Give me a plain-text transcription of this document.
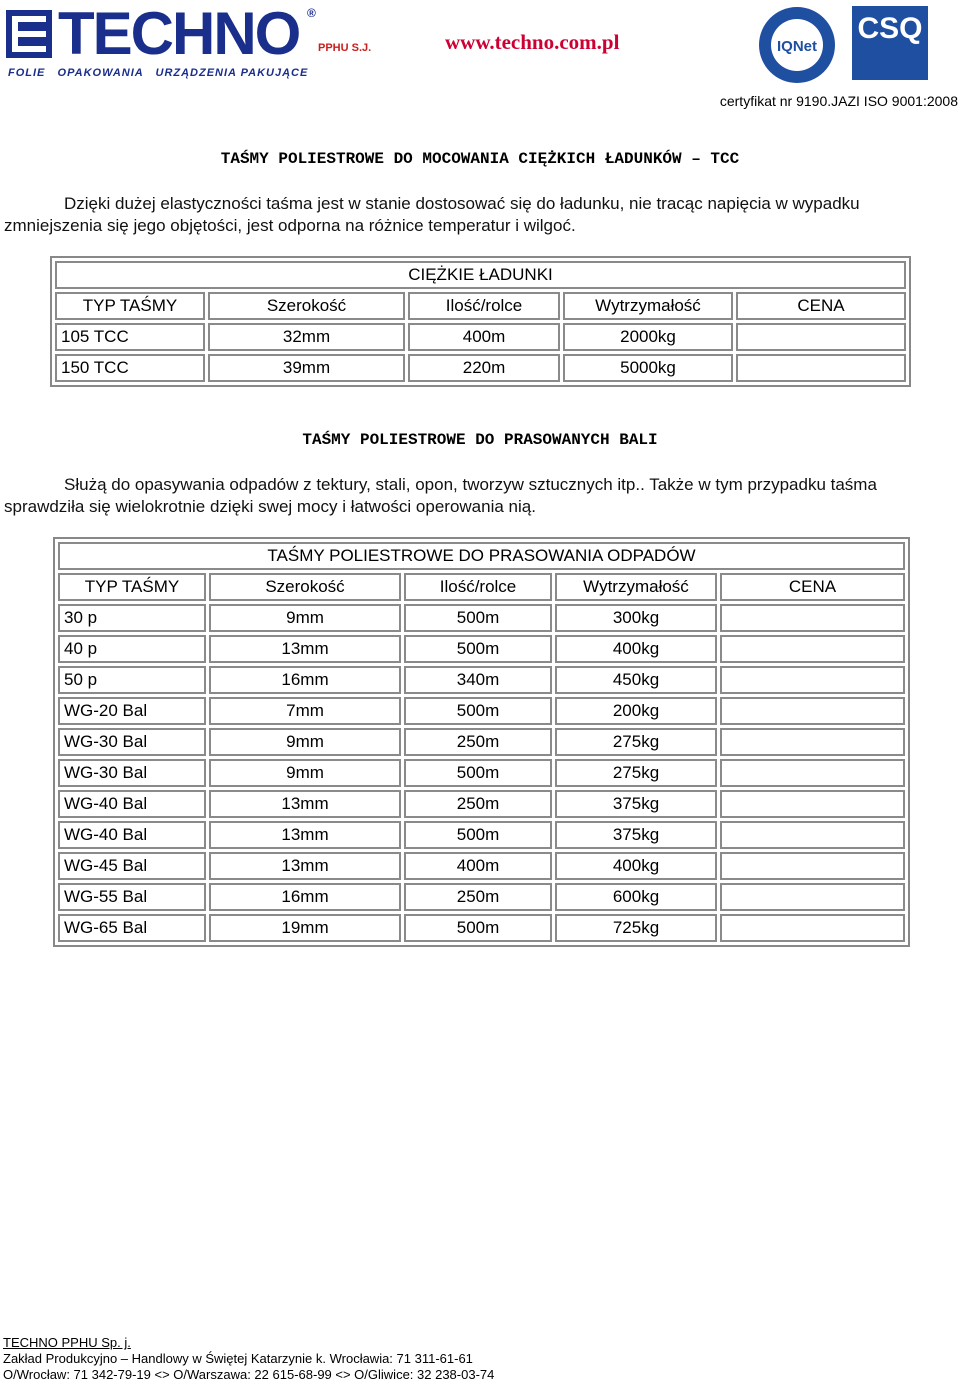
TECHNO ®
PPHU S.J.
FOLIE   OPAKOWANIA   URZĄDZENIA PAKUJĄCE
www.techno.com.pl	IQNet
CSQ
certyfikat nr 9190.JAZI ISO 9001:2008
TAŚMY POLIESTROWE DO MOCOWANIA CIĘŻKICH ŁADUNKÓW – TCC
Dzięki dużej elastyczności taśma jest w stanie dostosować się do ładunku, nie tracąc napięcia w wypadku zmniejszenia się jego objętości, jest odporna na różnice temperatur i wilgoć.
CIĘŻKIE ŁADUNKI				
TYP TAŚMY	Szerokość	Ilość/rolce	Wytrzymałość	CENA
105 TCC	32mm	400m	2000kg	
150 TCC	39mm	220m	5000kg	
TAŚMY POLIESTROWE DO PRASOWANYCH BALI
Służą do opasywania odpadów z tektury, stali, opon, tworzyw sztucznych itp.. Także w tym przypadku taśma sprawdziła się wielokrotnie dzięki swej mocy i łatwości operowania nią.
TAŚMY POLIESTROWE DO PRASOWANIA ODPADÓW				
TYP TAŚMY	Szerokość	Ilość/rolce	Wytrzymałość	CENA
30 p	9mm	500m	300kg	
40 p	13mm	500m	400kg	
50 p	16mm	340m	450kg	
WG-20 Bal	7mm	500m	200kg	
WG-30 Bal	9mm	250m	275kg	
WG-30 Bal	9mm	500m	275kg	
WG-40 Bal	13mm	250m	375kg	
WG-40 Bal	13mm	500m	375kg	
WG-45 Bal	13mm	400m	400kg	
WG-55 Bal	16mm	250m	600kg	
WG-65 Bal	19mm	500m	725kg	
TECHNO PPHU Sp. j.
Zakład Produkcyjno – Handlowy w Świętej Katarzynie k. Wrocławia: 71 311-61-61
O/Wrocław: 71 342-79-19 <> O/Warszawa: 22 615-68-99 <> O/Gliwice: 32 238-03-74
